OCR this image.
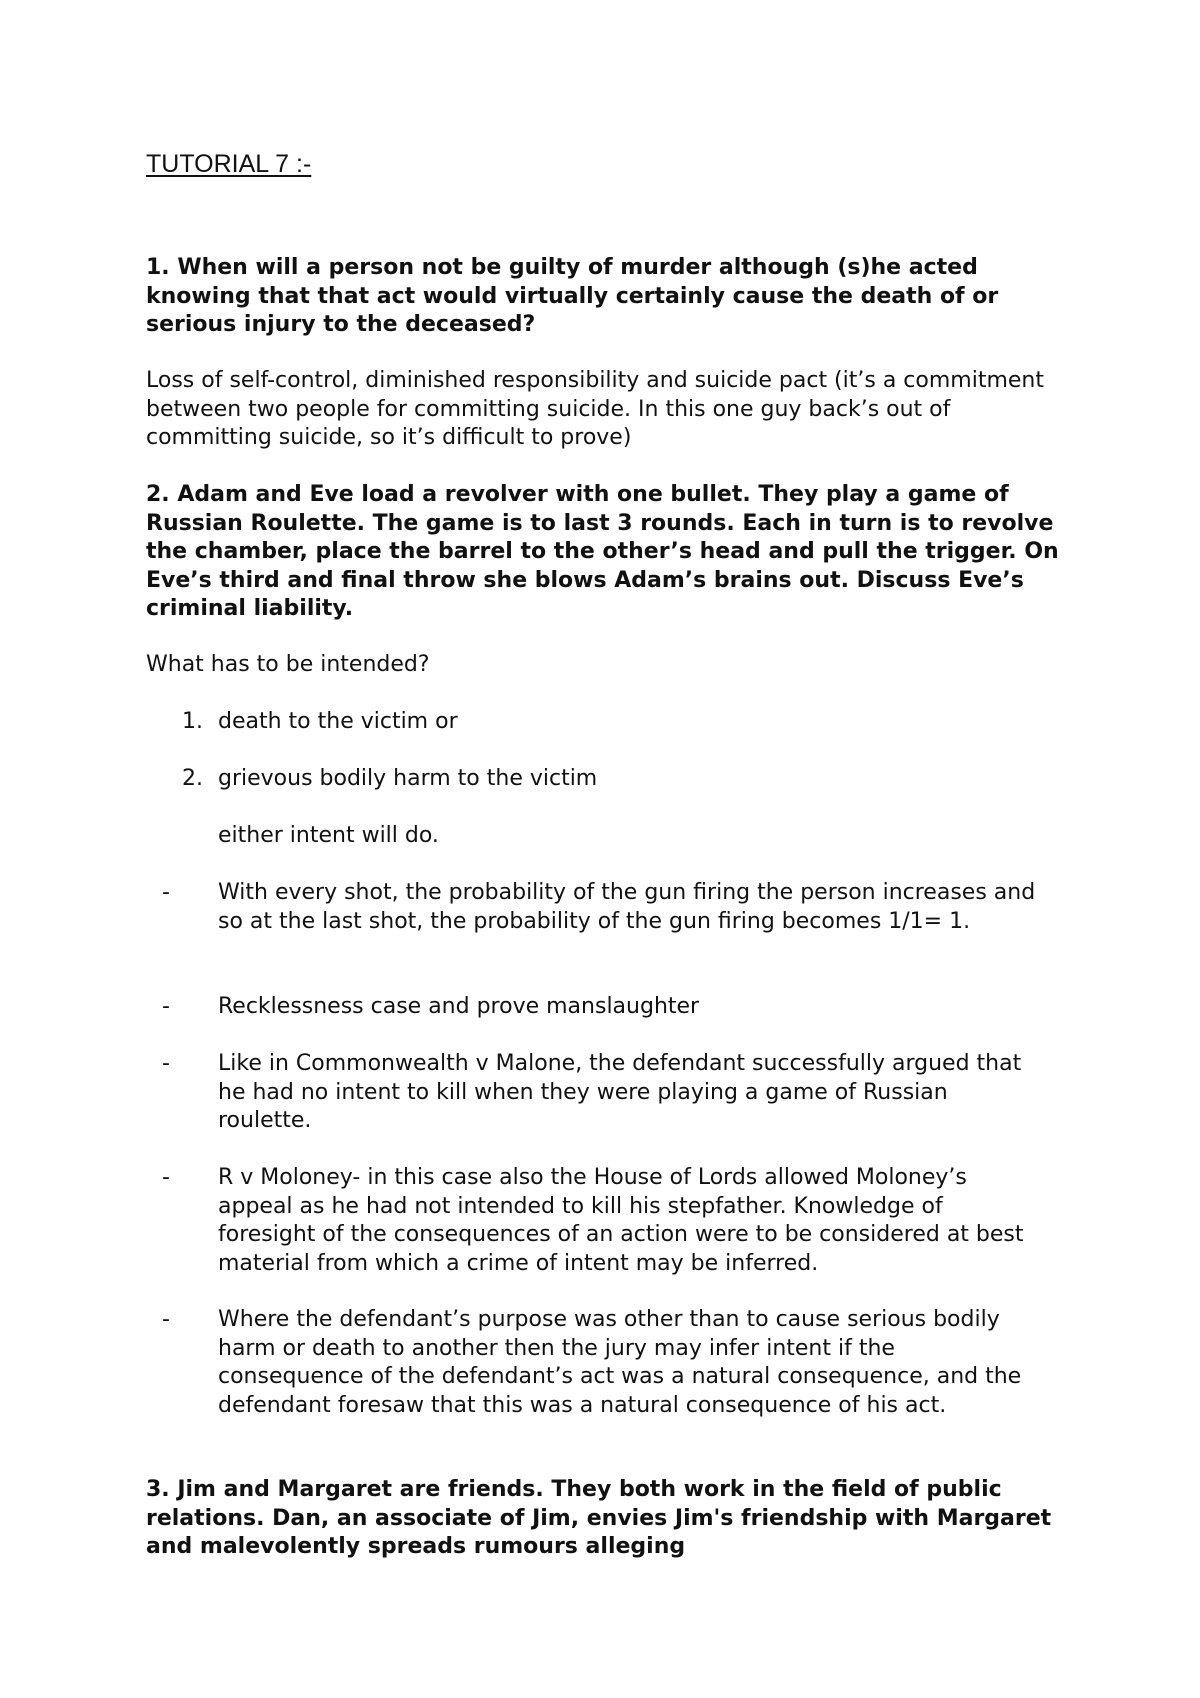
TUTORIAL 7 :-

1. When will a person not be guilty of murder although (s)he acted knowing that that act would virtually certainly cause the death of or serious injury to the deceased?

Loss of self-control, diminished responsibility and suicide pact (it’s a commitment between two people for committing suicide. In this one guy back’s out of committing suicide, so it’s difficult to prove)

2. Adam and Eve load a revolver with one bullet. They play a game of Russian Roulette. The game is to last 3 rounds. Each in turn is to revolve the chamber, place the barrel to the other’s head and pull the trigger. On Eve’s third and final throw she blows Adam’s brains out. Discuss Eve’s criminal liability.

What has to be intended?

1. death to the victim or
2. grievous bodily harm to the victim
either intent will do.
-	With every shot, the probability of the gun firing the person increases and so at the last shot, the probability of the gun firing becomes 1/1= 1.
-	Recklessness case and prove manslaughter
-	Like in Commonwealth v Malone, the defendant successfully argued that he had no intent to kill when they were playing a game of Russian roulette.
-	R v Moloney- in this case also the House of Lords allowed Moloney’s appeal as he had not intended to kill his stepfather. Knowledge of foresight of the consequences of an action were to be considered at best material from which a crime of intent may be inferred.
-	Where the defendant’s purpose was other than to cause serious bodily harm or death to another then the jury may infer intent if the consequence of the defendant’s act was a natural consequence, and the defendant foresaw that this was a natural consequence of his act.

3. Jim and Margaret are friends. They both work in the field of public relations. Dan, an associate of Jim, envies Jim's friendship with Margaret and malevolently spreads rumours alleging
